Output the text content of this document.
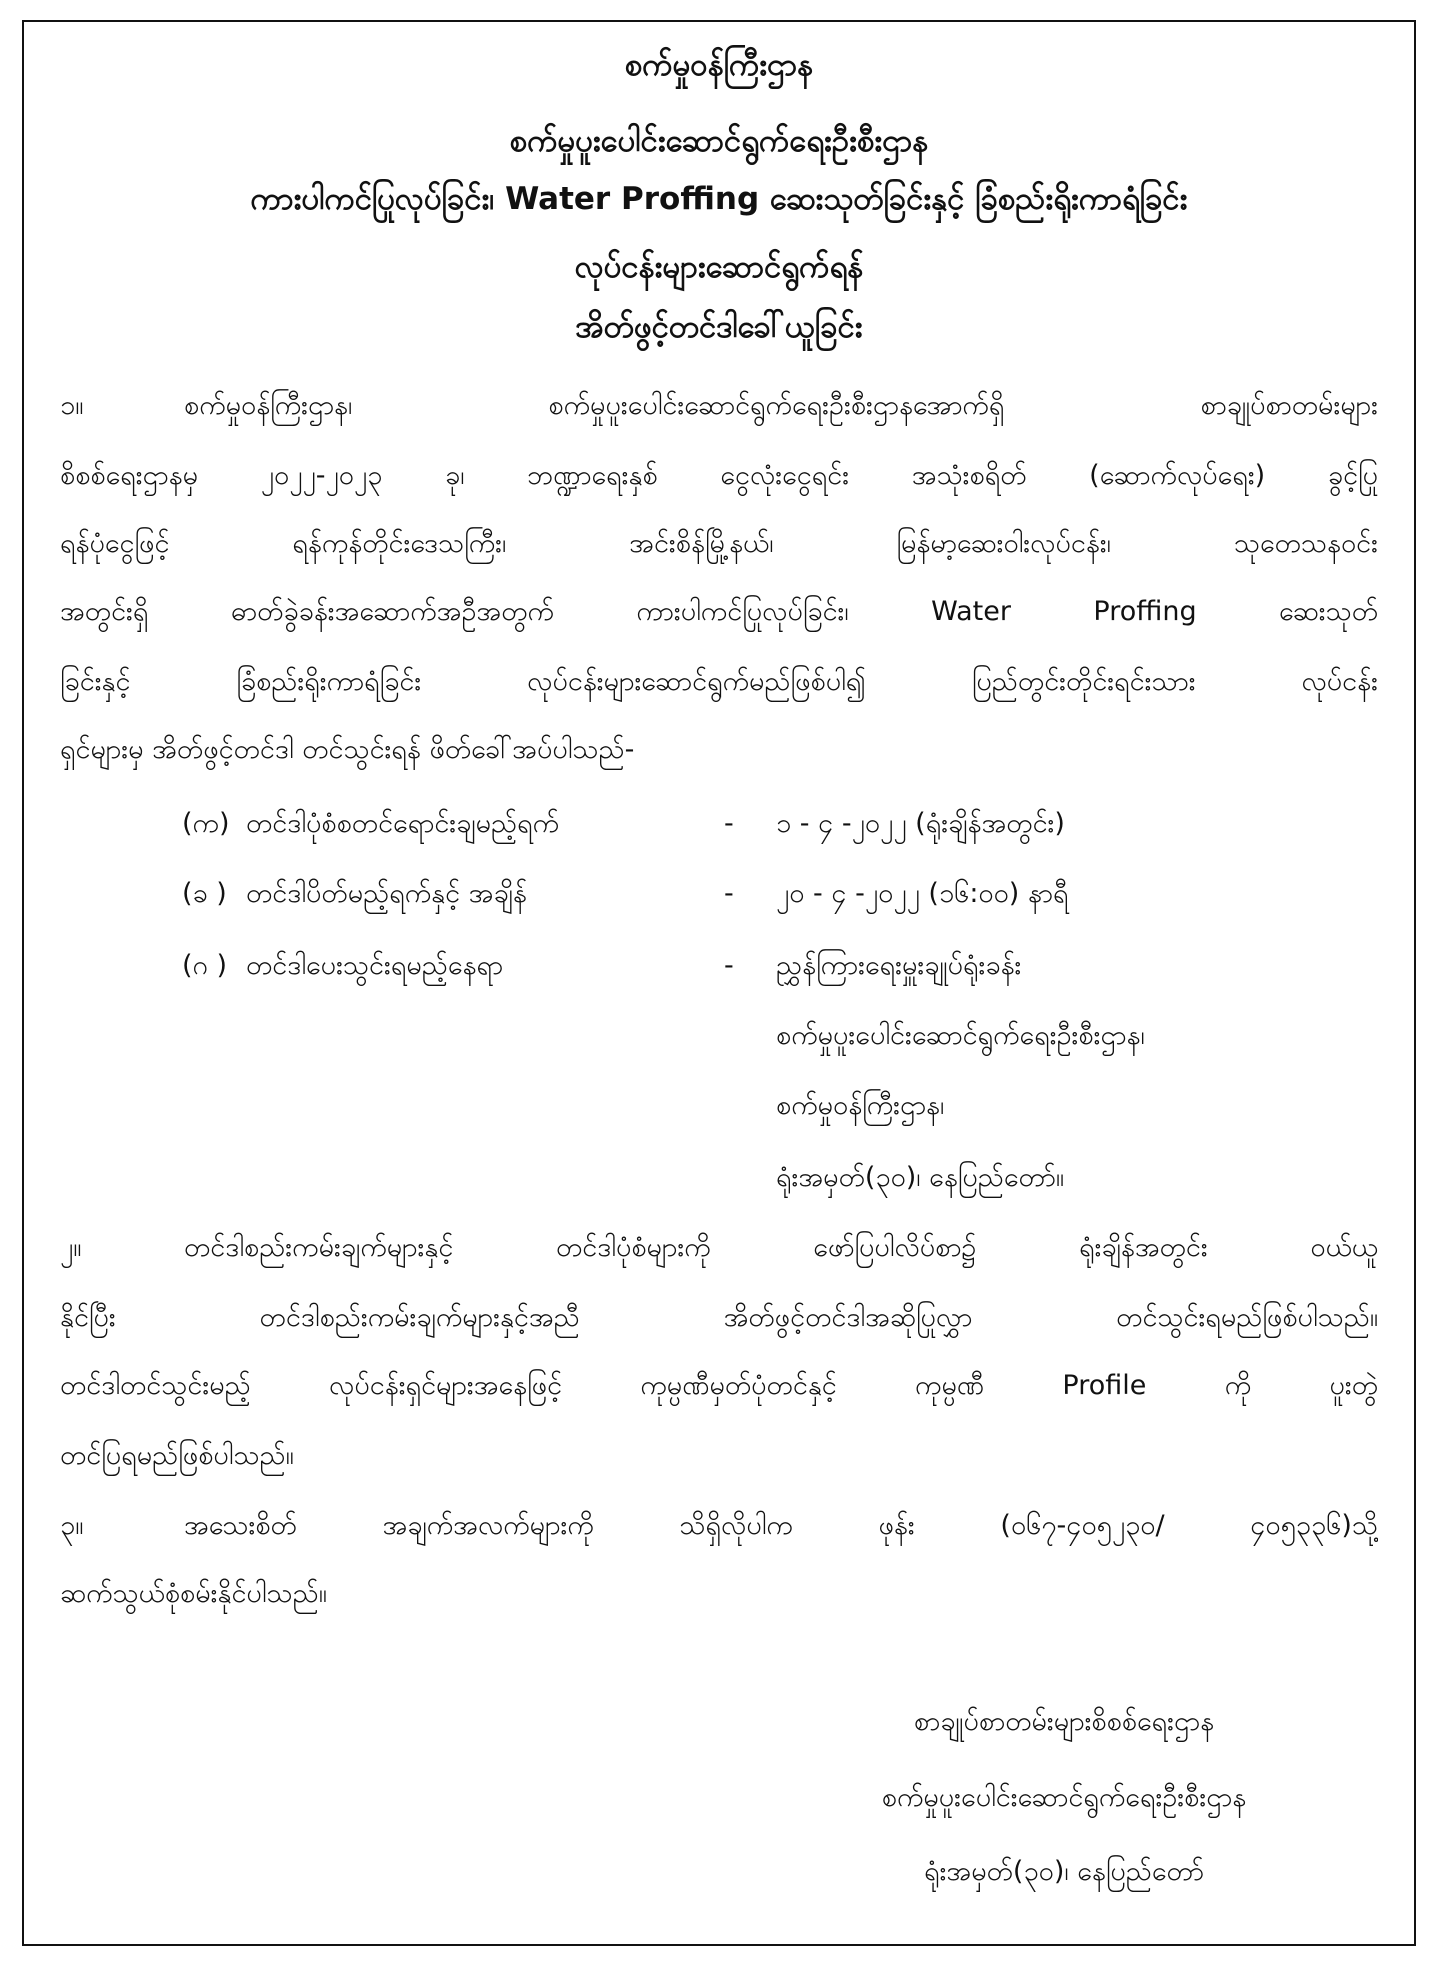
စက်မှုဝန်ကြီးဌာန
စက်မှုပူးပေါင်းဆောင်ရွက်ရေးဦးစီးဌာန
ကားပါကင်ပြုလုပ်ခြင်း၊ Water Proffing ဆေးသုတ်ခြင်းနှင့် ခြံစည်းရိုးကာရံခြင်း
လုပ်ငန်းများဆောင်ရွက်ရန်
အိတ်ဖွင့်တင်ဒါခေါ်ယူခြင်း
၁။	စက်မှုဝန်ကြီးဌာန၊ စက်မှုပူးပေါင်းဆောင်ရွက်ရေးဦးစီးဌာနအောက်ရှိ စာချုပ်စာတမ်းများ
စိစစ်ရေးဌာနမှ ၂၀၂၂-၂၀၂၃ ခု၊ ဘဏ္ဍာရေးနှစ် ငွေလုံးငွေရင်း အသုံးစရိတ် (ဆောက်လုပ်ရေး) ခွင့်ပြု
ရန်ပုံငွေဖြင့် ရန်ကုန်တိုင်းဒေသကြီး၊ အင်းစိန်မြို့နယ်၊ မြန်မာ့ဆေးဝါးလုပ်ငန်း၊ သုတေသနဝင်း
အတွင်းရှိ ဓာတ်ခွဲခန်းအဆောက်အဦအတွက် ကားပါကင်ပြုလုပ်ခြင်း၊ Water Proffing ဆေးသုတ်
ခြင်းနှင့် ခြံစည်းရိုးကာရံခြင်း လုပ်ငန်းများဆောင်ရွက်မည်ဖြစ်ပါ၍ ပြည်တွင်းတိုင်းရင်းသား လုပ်ငန်း
ရှင်များမှ အိတ်ဖွင့်တင်ဒါ တင်သွင်းရန် ဖိတ်ခေါ်အပ်ပါသည်-
(က) တင်ဒါပုံစံစတင်ရောင်းချမည့်ရက်	- ၁ - ၄ -၂၀၂၂ (ရုံးချိန်အတွင်း)
(ခ ) တင်ဒါပိတ်မည့်ရက်နှင့် အချိန်	- ၂၀ - ၄ -၂၀၂၂ (၁၆:၀၀) နာရီ
(ဂ ) တင်ဒါပေးသွင်းရမည့်နေရာ	- ညွှန်ကြားရေးမှူးချုပ်ရုံးခန်း
စက်မှုပူးပေါင်းဆောင်ရွက်ရေးဦးစီးဌာန၊
စက်မှုဝန်ကြီးဌာန၊
ရုံးအမှတ်(၃၀)၊ နေပြည်တော်။
၂။	တင်ဒါစည်းကမ်းချက်များနှင့် တင်ဒါပုံစံများကို ဖော်ပြပါလိပ်စာ၌ ရုံးချိန်အတွင်း ဝယ်ယူ
နိုင်ပြီး တင်ဒါစည်းကမ်းချက်များနှင့်အညီ အိတ်ဖွင့်တင်ဒါအဆိုပြုလွှာ တင်သွင်းရမည်ဖြစ်ပါသည်။
တင်ဒါတင်သွင်းမည့် လုပ်ငန်းရှင်များအနေဖြင့် ကုမ္ပဏီမှတ်ပုံတင်နှင့် ကုမ္ပဏီ Profile ကို ပူးတွဲ
တင်ပြရမည်ဖြစ်ပါသည်။
၃။	အသေးစိတ် အချက်အလက်များကို သိရှိလိုပါက ဖုန်း (၀၆၇-၄၀၅၂၃၀/ ၄၀၅၃၃၆)သို့
ဆက်သွယ်စုံစမ်းနိုင်ပါသည်။
စာချုပ်စာတမ်းများစိစစ်ရေးဌာန
စက်မှုပူးပေါင်းဆောင်ရွက်ရေးဦးစီးဌာန
ရုံးအမှတ်(၃၀)၊ နေပြည်တော်
